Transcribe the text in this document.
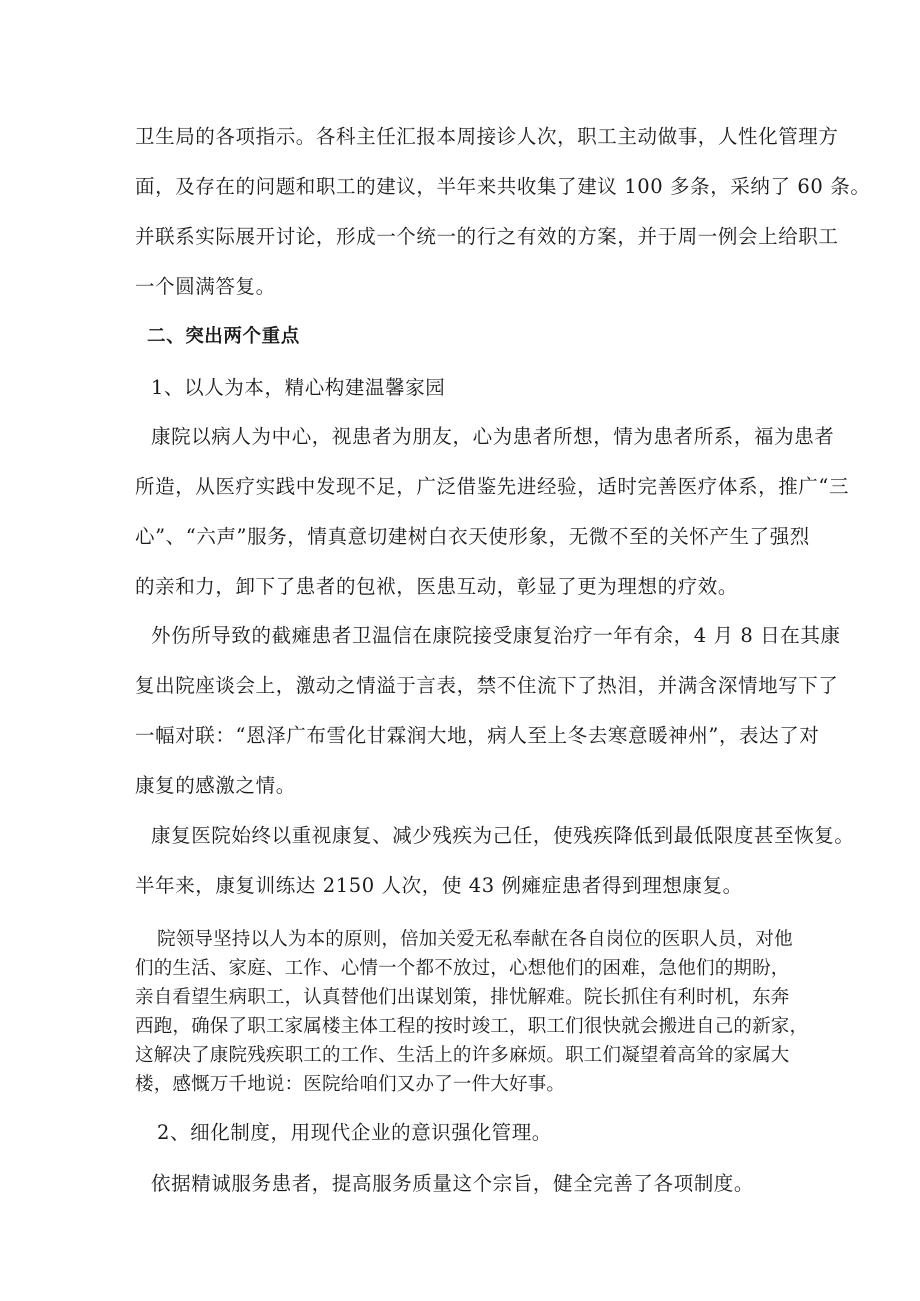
卫生局的各项指示。各科主任汇报本周接诊人次，职工主动做事，人性化管理方

面，及存在的问题和职工的建议，半年来共收集了建议 100 多条，采纳了 60 条。

并联系实际展开讨论，形成一个统一的行之有效的方案，并于周一例会上给职工

一个圆满答复。

二、突出两个重点

1、以人为本，精心构建温馨家园

康院以病人为中心，视患者为朋友，心为患者所想，情为患者所系，福为患者

所造，从医疗实践中发现不足，广泛借鉴先进经验，适时完善医疗体系，推广“三

心”、“六声”服务，情真意切建树白衣天使形象，无微不至的关怀产生了强烈

的亲和力，卸下了患者的包袱，医患互动，彰显了更为理想的疗效。

外伤所导致的截瘫患者卫温信在康院接受康复治疗一年有余，4 月 8 日在其康

复出院座谈会上，激动之情溢于言表，禁不住流下了热泪，并满含深情地写下了

一幅对联：“恩泽广布雪化甘霖润大地，病人至上冬去寒意暖神州”，表达了对

康复的感激之情。

康复医院始终以重视康复、减少残疾为己任，使残疾降低到最低限度甚至恢复。

半年来，康复训练达 2150 人次，使 43 例瘫症患者得到理想康复。

院领导坚持以人为本的原则，倍加关爱无私奉献在各自岗位的医职人员，对他

们的生活、家庭、工作、心情一个都不放过，心想他们的困难，急他们的期盼，

亲自看望生病职工，认真替他们出谋划策，排忧解难。院长抓住有利时机，东奔

西跑，确保了职工家属楼主体工程的按时竣工，职工们很快就会搬进自己的新家，

这解决了康院残疾职工的工作、生活上的许多麻烦。职工们凝望着高耸的家属大

楼，感慨万千地说：医院给咱们又办了一件大好事。

2、细化制度，用现代企业的意识强化管理。

依据精诚服务患者，提高服务质量这个宗旨，健全完善了各项制度。
